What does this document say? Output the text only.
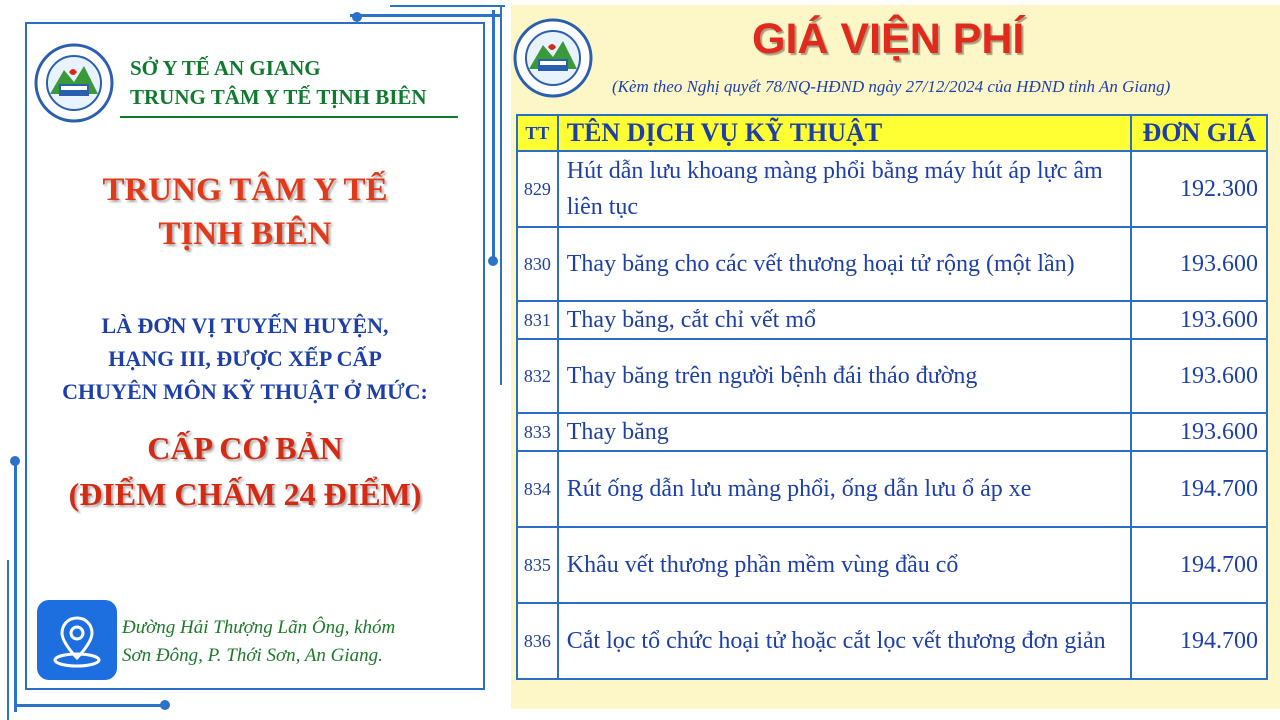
SỞ Y TẾ AN GIANG
TRUNG TÂM Y TẾ TỊNH BIÊN
TRUNG TÂM Y TẾ
TỊNH BIÊN
LÀ ĐƠN VỊ TUYẾN HUYỆN,
HẠNG III, ĐƯỢC XẾP CẤP
CHUYÊN MÔN KỸ THUẬT Ở MỨC:
CẤP CƠ BẢN
(ĐIỂM CHẤM 24 ĐIỂM)
Đường Hải Thượng Lãn Ông, khóm
Sơn Đông, P. Thới Sơn, An Giang.
GIÁ VIỆN PHÍ
(Kèm theo Nghị quyết 78/NQ-HĐND ngày 27/12/2024 của HĐND tỉnh An Giang)
TT	TÊN DỊCH VỤ KỸ THUẬT	ĐƠN GIÁ
829	Hút dẫn lưu khoang màng phổi bằng máy hút áp lực âm liên tục	192.300
830	Thay băng cho các vết thương hoại tử rộng (một lần)	193.600
831	Thay băng, cắt chỉ vết mổ	193.600
832	Thay băng trên người bệnh đái tháo đường	193.600
833	Thay băng	193.600
834	Rút ống dẫn lưu màng phổi, ống dẫn lưu ổ áp xe	194.700
835	Khâu vết thương phần mềm vùng đầu cổ	194.700
836	Cắt lọc tổ chức hoại tử hoặc cắt lọc vết thương đơn giản	194.700
